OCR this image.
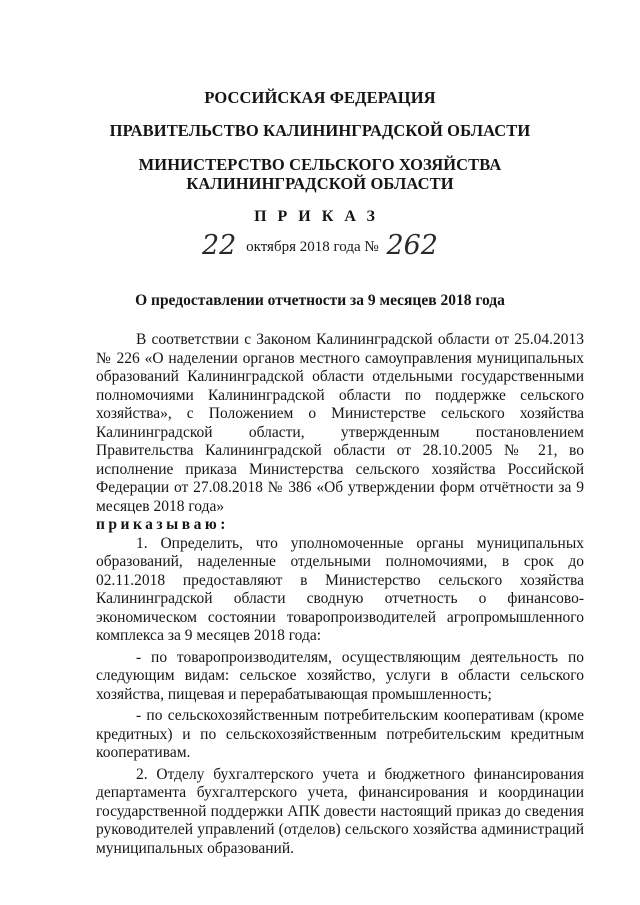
РОССИЙСКАЯ ФЕДЕРАЦИЯ
ПРАВИТЕЛЬСТВО КАЛИНИНГРАДСКОЙ ОБЛАСТИ
МИНИСТЕРСТВО СЕЛЬСКОГО ХОЗЯЙСТВА
КАЛИНИНГРАДСКОЙ ОБЛАСТИ
ПРИКАЗ
22 октября 2018 года № 262
О предоставлении отчетности за 9 месяцев 2018 года

В соответствии с Законом Калининградской области от 25.04.2013 № 226 «О наделении органов местного самоуправления муниципальных образований Калининградской области отдельными государственными полномочиями Калининградской области по поддержке сельского хозяйства», с Положением о Министерстве сельского хозяйства Калининградской области, утвержденным постановлением Правительства Калининградской области от 28.10.2005 № 21, во исполнение приказа Министерства сельского хозяйства Российской Федерации от 27.08.2018 № 386 «Об утверждении форм отчётности за 9 месяцев 2018 года»

приказываю:

1. Определить, что уполномоченные органы муниципальных образований, наделенные отдельными полномочиями, в срок до 02.11.2018 предоставляют в Министерство сельского хозяйства Калининградской области сводную отчетность о финансово-экономическом состоянии товаропроизводителей агропромышленного комплекса за 9 месяцев 2018 года:

- по товаропроизводителям, осуществляющим деятельность по следующим видам: сельское хозяйство, услуги в области сельского хозяйства, пищевая и перерабатывающая промышленность;

- по сельскохозяйственным потребительским кооперативам (кроме кредитных) и по сельскохозяйственным потребительским кредитным кооперативам.

2. Отделу бухгалтерского учета и бюджетного финансирования департамента бухгалтерского учета, финансирования и координации государственной поддержки АПК довести настоящий приказ до сведения руководителей управлений (отделов) сельского хозяйства администраций муниципальных образований.
